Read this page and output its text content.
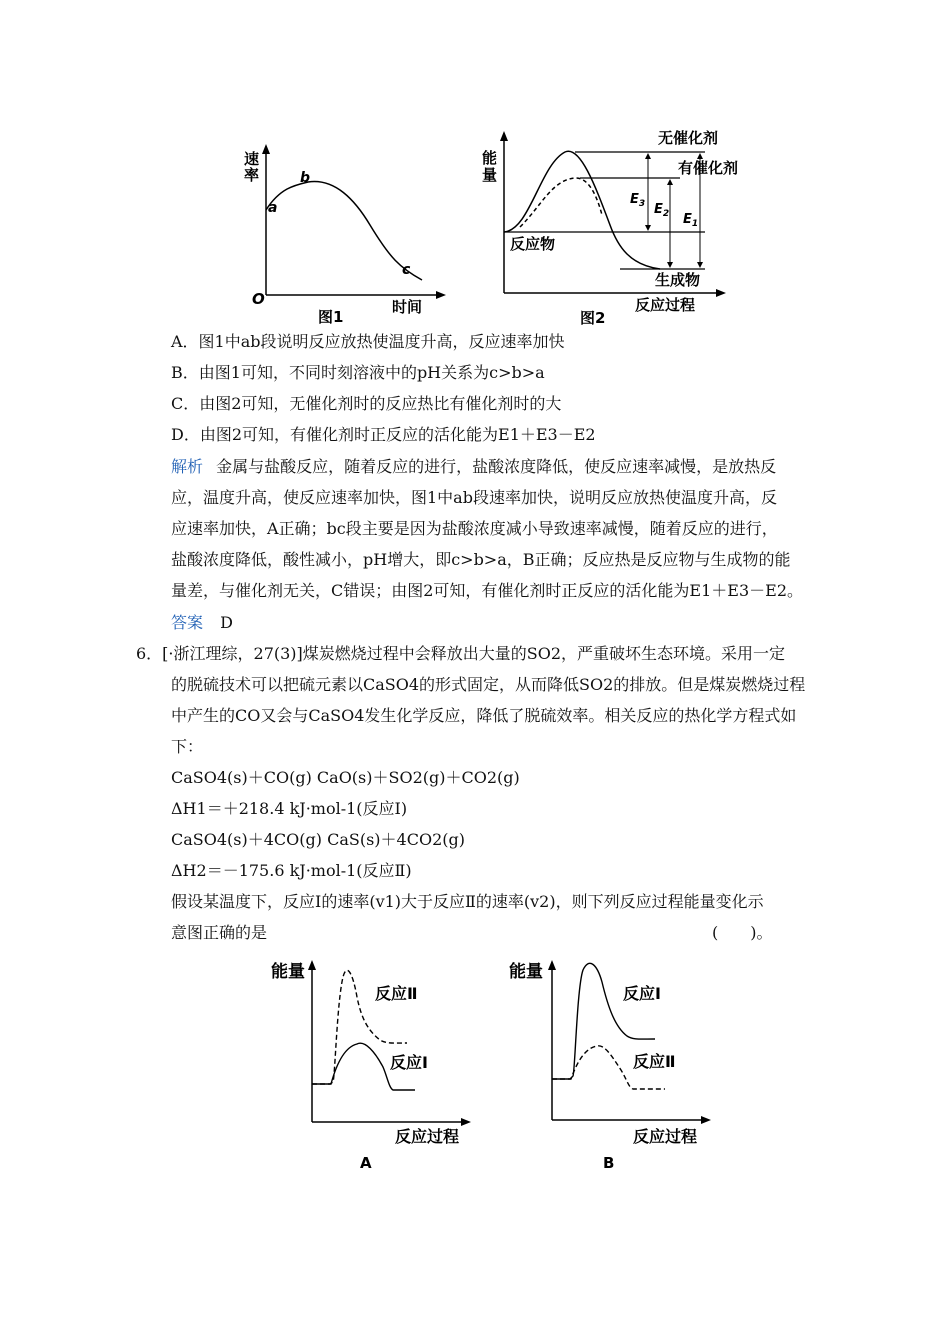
速
率
a
b
c
O
图1
时间
能
量
无催化剂
有催化剂
反应物
生成物
$E_3$ $E_2$ $E_1$
反应过程
图2
A．图1中ab段说明反应放热使温度升高，反应速率加快
B．由图1可知，不同时刻溶液中的pH关系为c>b>a
C．由图2可知，无催化剂时的反应热比有催化剂时的大
D．由图2可知，有催化剂时正反应的活化能为E1＋E3－E2
解析 金属与盐酸反应，随着反应的进行，盐酸浓度降低，使反应速率减慢，是放热反
应，温度升高，使反应速率加快，图1中ab段速率加快，说明反应放热使温度升高，反
应速率加快，A正确；bc段主要是因为盐酸浓度减小导致速率减慢，随着反应的进行，
盐酸浓度降低，酸性减小，pH增大，即c>b>a，B正确；反应热是反应物与生成物的能
量差，与催化剂无关，C错误；由图2可知，有催化剂时正反应的活化能为E1＋E3－E2。
答案 D
6．[·浙江理综，27(3)]煤炭燃烧过程中会释放出大量的SO2，严重破坏生态环境。采用一定
的脱硫技术可以把硫元素以CaSO4的形式固定，从而降低SO2的排放。但是煤炭燃烧过程
中产生的CO又会与CaSO4发生化学反应，降低了脱硫效率。相关反应的热化学方程式如
下：
CaSO4(s)＋CO(g) CaO(s)＋SO2(g)＋CO2(g)
ΔH1＝＋218.4 kJ·mol-1(反应Ⅰ)
CaSO4(s)＋4CO(g) CaS(s)＋4CO2(g)
ΔH2＝－175.6 kJ·mol-1(反应Ⅱ)
假设某温度下，反应Ⅰ的速率(v1)大于反应Ⅱ的速率(v2)，则下列反应过程能量变化示
意图正确的是	(　　)。
能量
反应Ⅱ
反应Ⅰ
反应过程
A
能量
反应Ⅰ
反应Ⅱ
反应过程
B
